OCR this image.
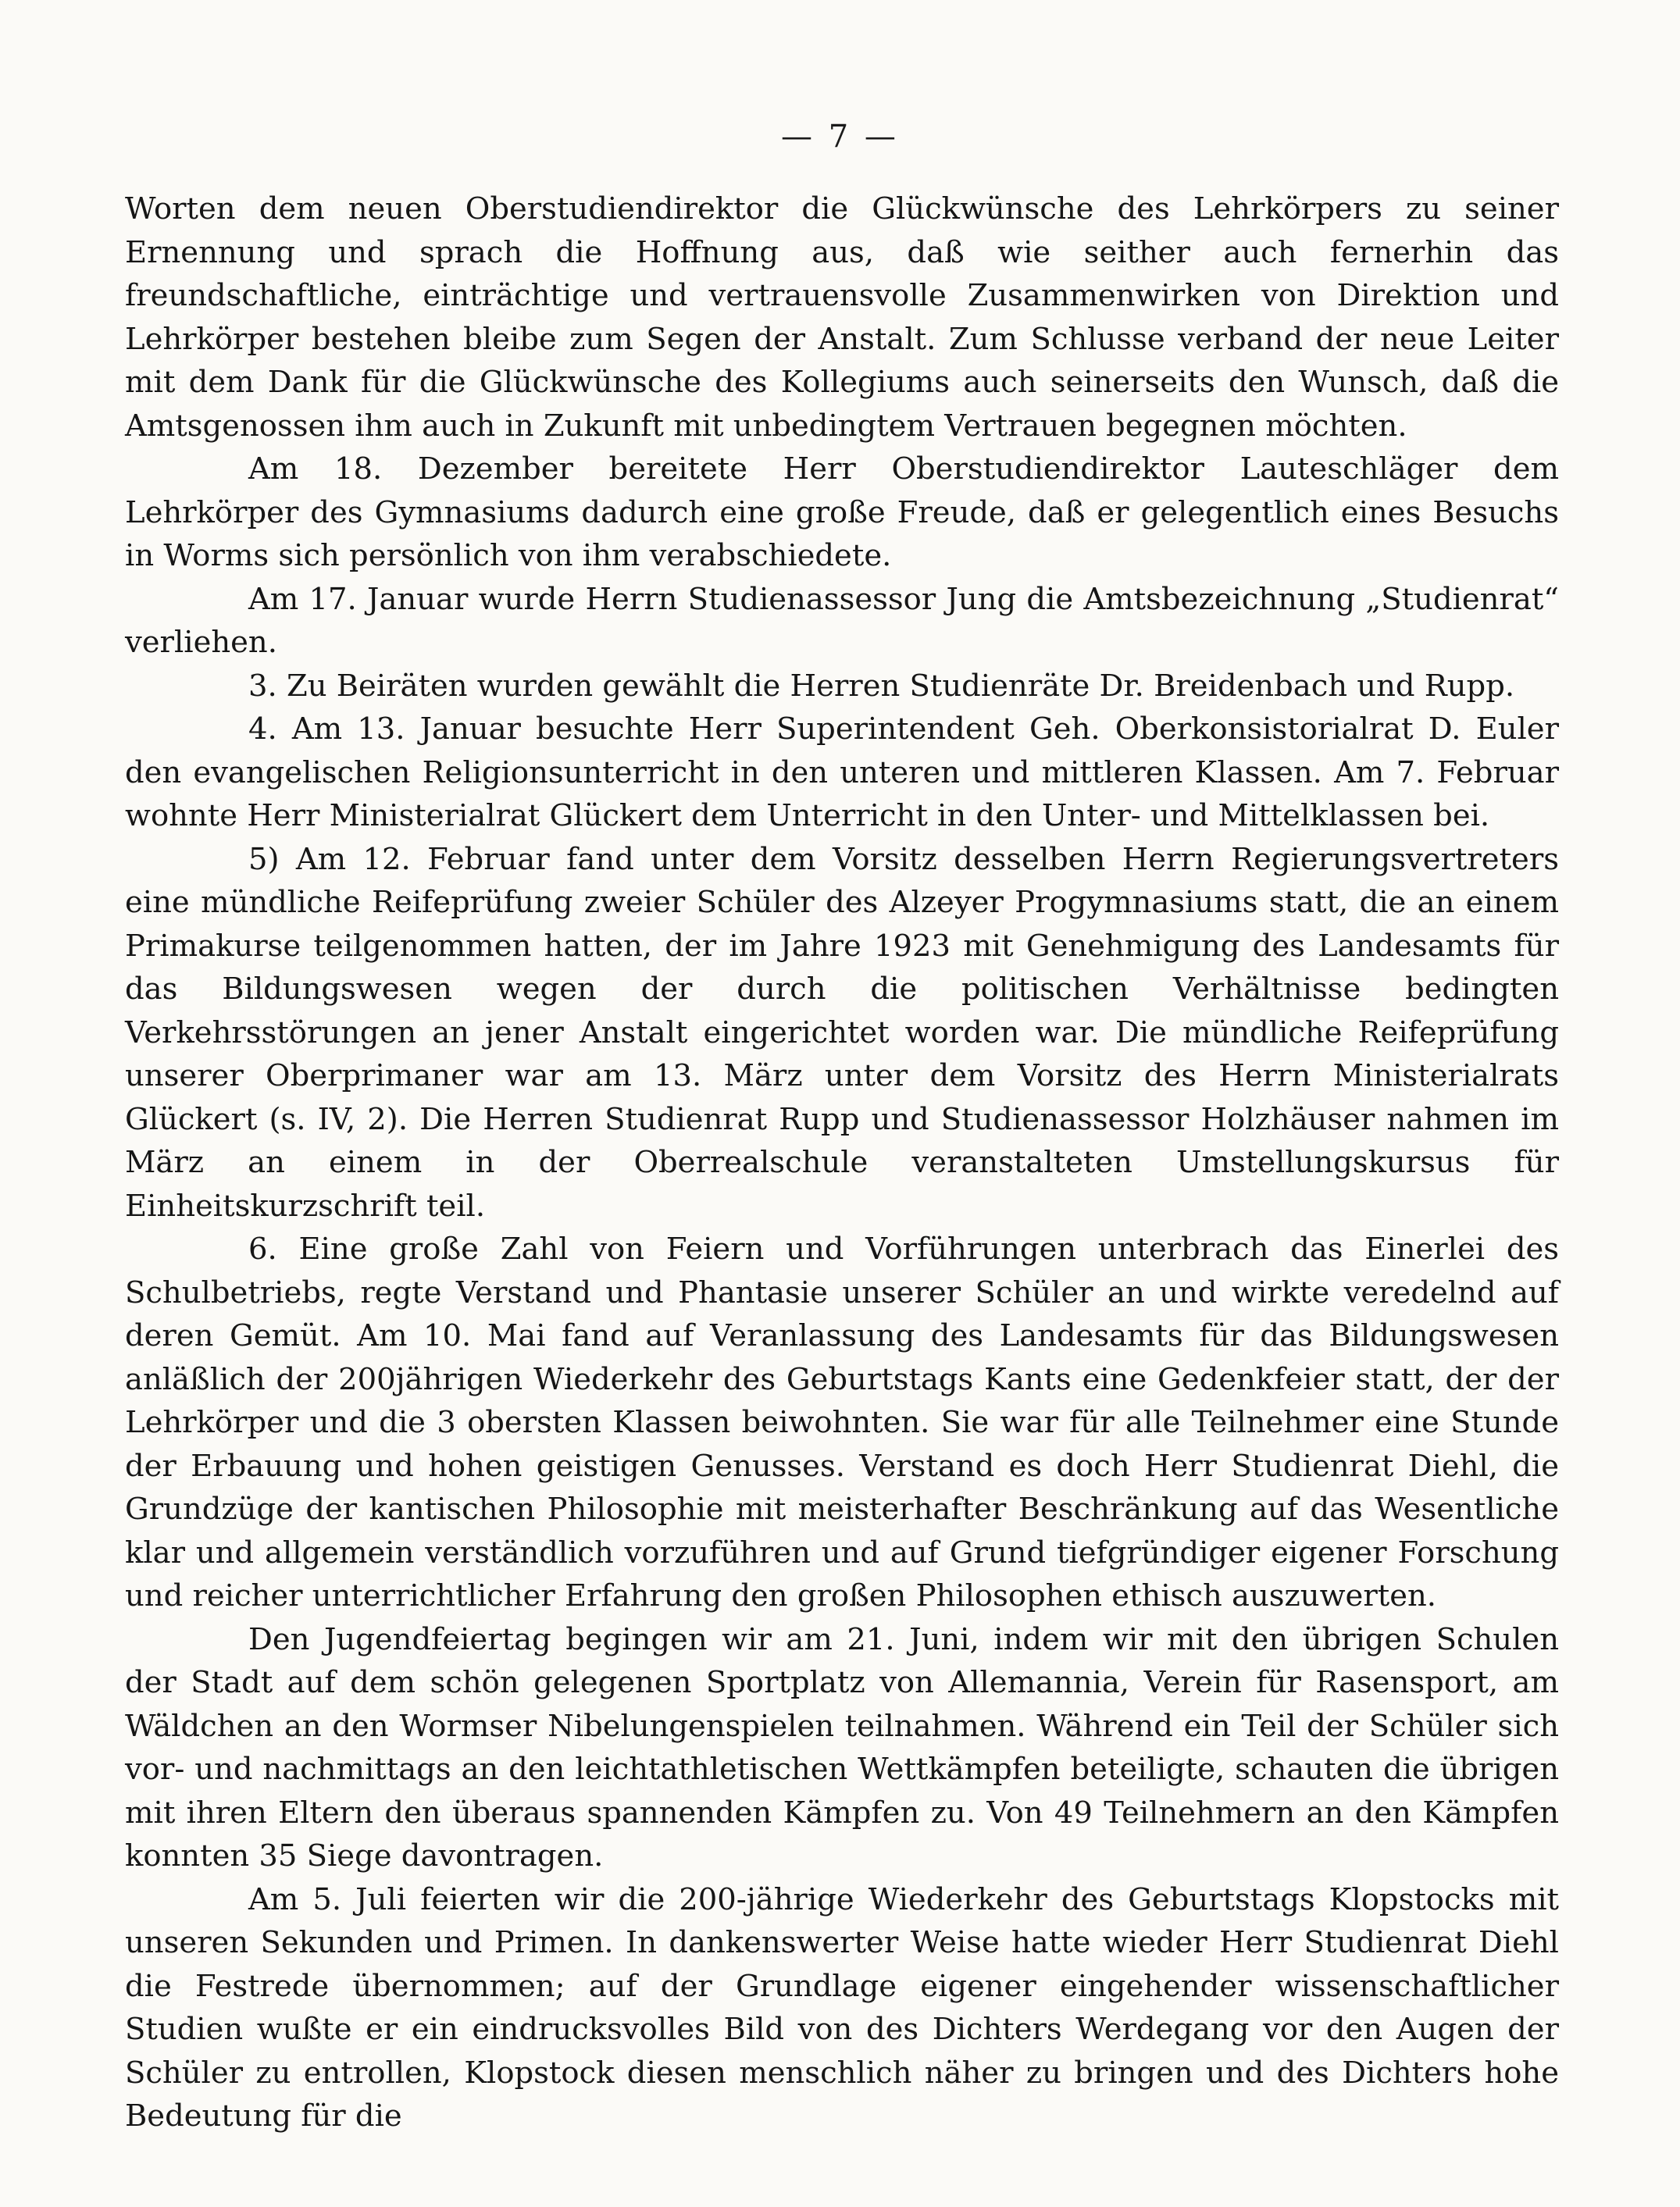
— 7 —

Worten dem neuen Oberstudiendirektor die Glückwünsche des Lehrkörpers zu seiner Ernennung und sprach die Hoffnung aus, daß wie seither auch fernerhin das freundschaftliche, einträchtige und vertrauensvolle Zusammenwirken von Direktion und Lehrkörper bestehen bleibe zum Segen der Anstalt. Zum Schlusse verband der neue Leiter mit dem Dank für die Glückwünsche des Kollegiums auch seinerseits den Wunsch, daß die Amtsgenossen ihm auch in Zukunft mit unbedingtem Vertrauen begegnen möchten.

Am 18. Dezember bereitete Herr Oberstudiendirektor Lauteschläger dem Lehrkörper des Gymnasiums dadurch eine große Freude, daß er gelegentlich eines Besuchs in Worms sich persönlich von ihm verabschiedete.

Am 17. Januar wurde Herrn Studienassessor Jung die Amtsbezeichnung „Studienrat“ verliehen.

3. Zu Beiräten wurden gewählt die Herren Studienräte Dr. Breidenbach und Rupp.

4. Am 13. Januar besuchte Herr Superintendent Geh. Oberkonsistorialrat D. Euler den evangelischen Religionsunterricht in den unteren und mittleren Klassen. Am 7. Februar wohnte Herr Ministerialrat Glückert dem Unterricht in den Unter- und Mittelklassen bei.

5) Am 12. Februar fand unter dem Vorsitz desselben Herrn Regierungsvertreters eine mündliche Reifeprüfung zweier Schüler des Alzeyer Progymnasiums statt, die an einem Primakurse teilgenommen hatten, der im Jahre 1923 mit Genehmigung des Landesamts für das Bildungswesen wegen der durch die politischen Verhältnisse bedingten Verkehrsstörungen an jener Anstalt eingerichtet worden war. Die mündliche Reifeprüfung unserer Oberprimaner war am 13. März unter dem Vorsitz des Herrn Ministerialrats Glückert (s. IV, 2). Die Herren Studienrat Rupp und Studienassessor Holzhäuser nahmen im März an einem in der Oberrealschule veranstalteten Umstellungskursus für Einheitskurzschrift teil.

6. Eine große Zahl von Feiern und Vorführungen unterbrach das Einerlei des Schulbetriebs, regte Verstand und Phantasie unserer Schüler an und wirkte veredelnd auf deren Gemüt. Am 10. Mai fand auf Veranlassung des Landesamts für das Bildungswesen anläßlich der 200jährigen Wiederkehr des Geburtstags Kants eine Gedenkfeier statt, der der Lehrkörper und die 3 obersten Klassen beiwohnten. Sie war für alle Teilnehmer eine Stunde der Erbauung und hohen geistigen Genusses. Verstand es doch Herr Studienrat Diehl, die Grundzüge der kantischen Philosophie mit meisterhafter Beschränkung auf das Wesentliche klar und allgemein verständlich vorzuführen und auf Grund tiefgründiger eigener Forschung und reicher unterrichtlicher Erfahrung den großen Philosophen ethisch auszuwerten.

Den Jugendfeiertag begingen wir am 21. Juni, indem wir mit den übrigen Schulen der Stadt auf dem schön gelegenen Sportplatz von Allemannia, Verein für Rasensport, am Wäldchen an den Wormser Nibelungenspielen teilnahmen. Während ein Teil der Schüler sich vor- und nachmittags an den leichtathletischen Wettkämpfen beteiligte, schauten die übrigen mit ihren Eltern den überaus spannenden Kämpfen zu. Von 49 Teilnehmern an den Kämpfen konnten 35 Siege davontragen.

Am 5. Juli feierten wir die 200-jährige Wiederkehr des Geburtstags Klopstocks mit unseren Sekunden und Primen. In dankenswerter Weise hatte wieder Herr Studienrat Diehl die Festrede übernommen; auf der Grundlage eigener eingehender wissenschaftlicher Studien wußte er ein eindrucksvolles Bild von des Dichters Werdegang vor den Augen der Schüler zu entrollen, Klopstock diesen menschlich näher zu bringen und des Dichters hohe Bedeutung für die
